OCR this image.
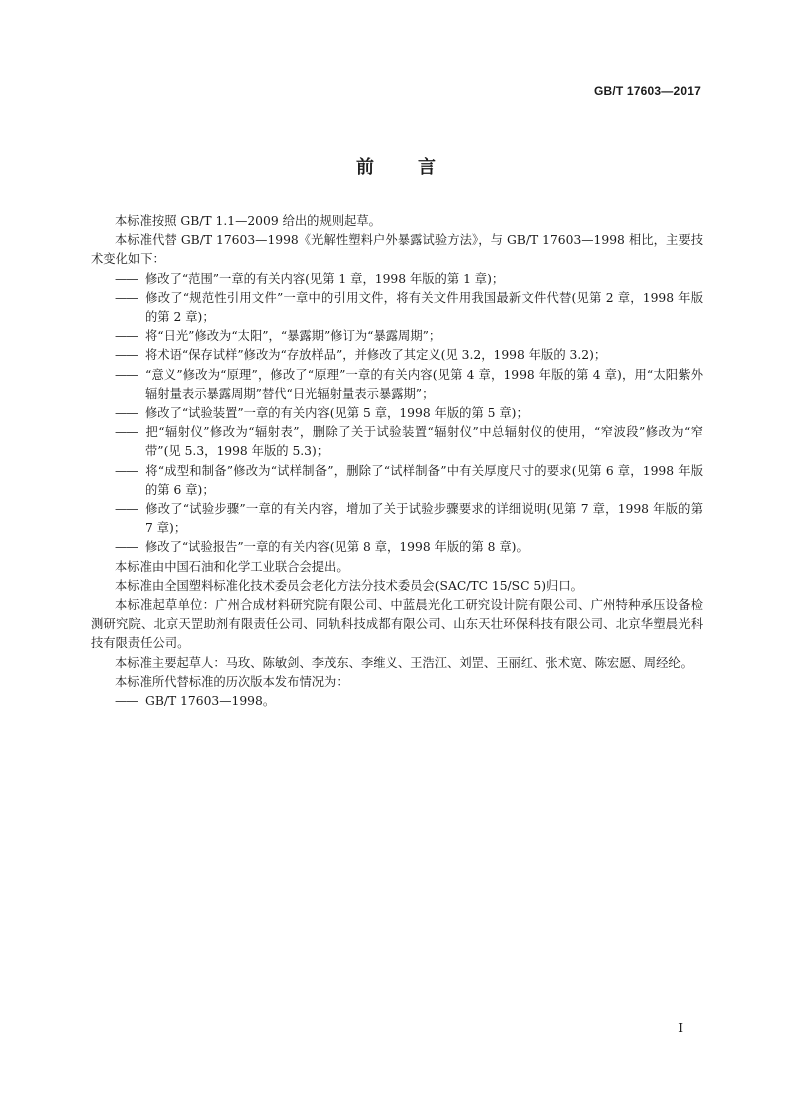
GB/T 17603—2017
前言

本标准按照 GB/T 1.1—2009 给出的规则起草。

本标准代替 GB/T 17603—1998《光解性塑料户外暴露试验方法》，与 GB/T 17603—1998 相比，主要技术变化如下：

—— 修改了“范围”一章的有关内容(见第 1 章，1998 年版的第 1 章)；

—— 修改了“规范性引用文件”一章中的引用文件，将有关文件用我国最新文件代替(见第 2 章，1998 年版的第 2 章)；

—— 将“日光”修改为“太阳”，“暴露期”修订为“暴露周期”；

—— 将术语“保存试样”修改为“存放样品”，并修改了其定义(见 3.2，1998 年版的 3.2)；

—— “意义”修改为“原理”，修改了“原理”一章的有关内容(见第 4 章，1998 年版的第 4 章)，用“太阳紫外辐射量表示暴露周期”替代“日光辐射量表示暴露期”；

—— 修改了“试验装置”一章的有关内容(见第 5 章，1998 年版的第 5 章)；

—— 把“辐射仪”修改为“辐射表”，删除了关于试验装置“辐射仪”中总辐射仪的使用，“窄波段”修改为“窄带”(见 5.3，1998 年版的 5.3)；

—— 将“成型和制备”修改为“试样制备”，删除了“试样制备”中有关厚度尺寸的要求(见第 6 章，1998 年版的第 6 章)；

—— 修改了“试验步骤”一章的有关内容，增加了关于试验步骤要求的详细说明(见第 7 章，1998 年版的第 7 章)；

—— 修改了“试验报告”一章的有关内容(见第 8 章，1998 年版的第 8 章)。

本标准由中国石油和化学工业联合会提出。

本标准由全国塑料标准化技术委员会老化方法分技术委员会(SAC/TC 15/SC 5)归口。

本标准起草单位：广州合成材料研究院有限公司、中蓝晨光化工研究设计院有限公司、广州特种承压设备检测研究院、北京天罡助剂有限责任公司、同轨科技成都有限公司、山东天壮环保科技有限公司、北京华塑晨光科技有限责任公司。

本标准主要起草人：马玫、陈敏剑、李茂东、李维义、王浩江、刘罡、王丽红、张术宽、陈宏愿、周经纶。

本标准所代替标准的历次版本发布情况为：

—— GB/T 17603—1998。

I
